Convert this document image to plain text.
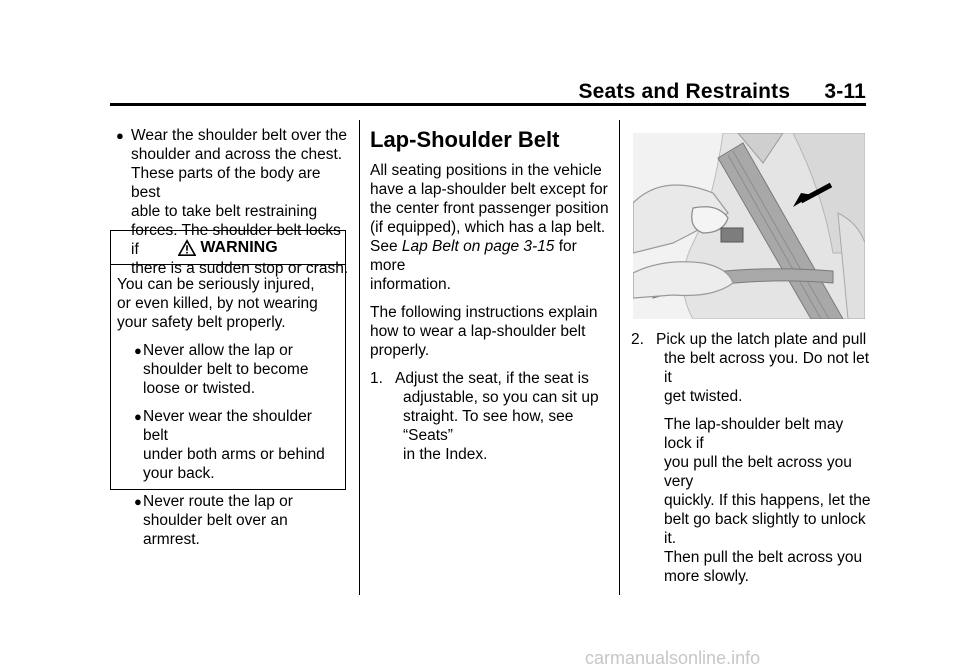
Seats and Restraints 3-11
● Wear the shoulder belt over the
shoulder and across the chest.
These parts of the body are best
able to take belt restraining
forces. The shoulder belt locks if
there is a sudden stop or crash.
WARNING
You can be seriously injured,
or even killed, by not wearing
your safety belt properly.
● Never allow the lap or
shoulder belt to become
loose or twisted.
● Never wear the shoulder belt
under both arms or behind
your back.
● Never route the lap or
shoulder belt over an
armrest.
Lap-Shoulder Belt
All seating positions in the vehicle
have a lap-shoulder belt except for
the center front passenger position
(if equipped), which has a lap belt.
See Lap Belt on page 3-15 for more
information.
The following instructions explain
how to wear a lap-shoulder belt
properly.
1. Adjust the seat, if the seat is
adjustable, so you can sit up
straight. To see how, see “Seats”
in the Index.
2. Pick up the latch plate and pull
the belt across you. Do not let it
get twisted.
The lap-shoulder belt may lock if
you pull the belt across you very
quickly. If this happens, let the
belt go back slightly to unlock it.
Then pull the belt across you
more slowly.
carmanualsonline.info
